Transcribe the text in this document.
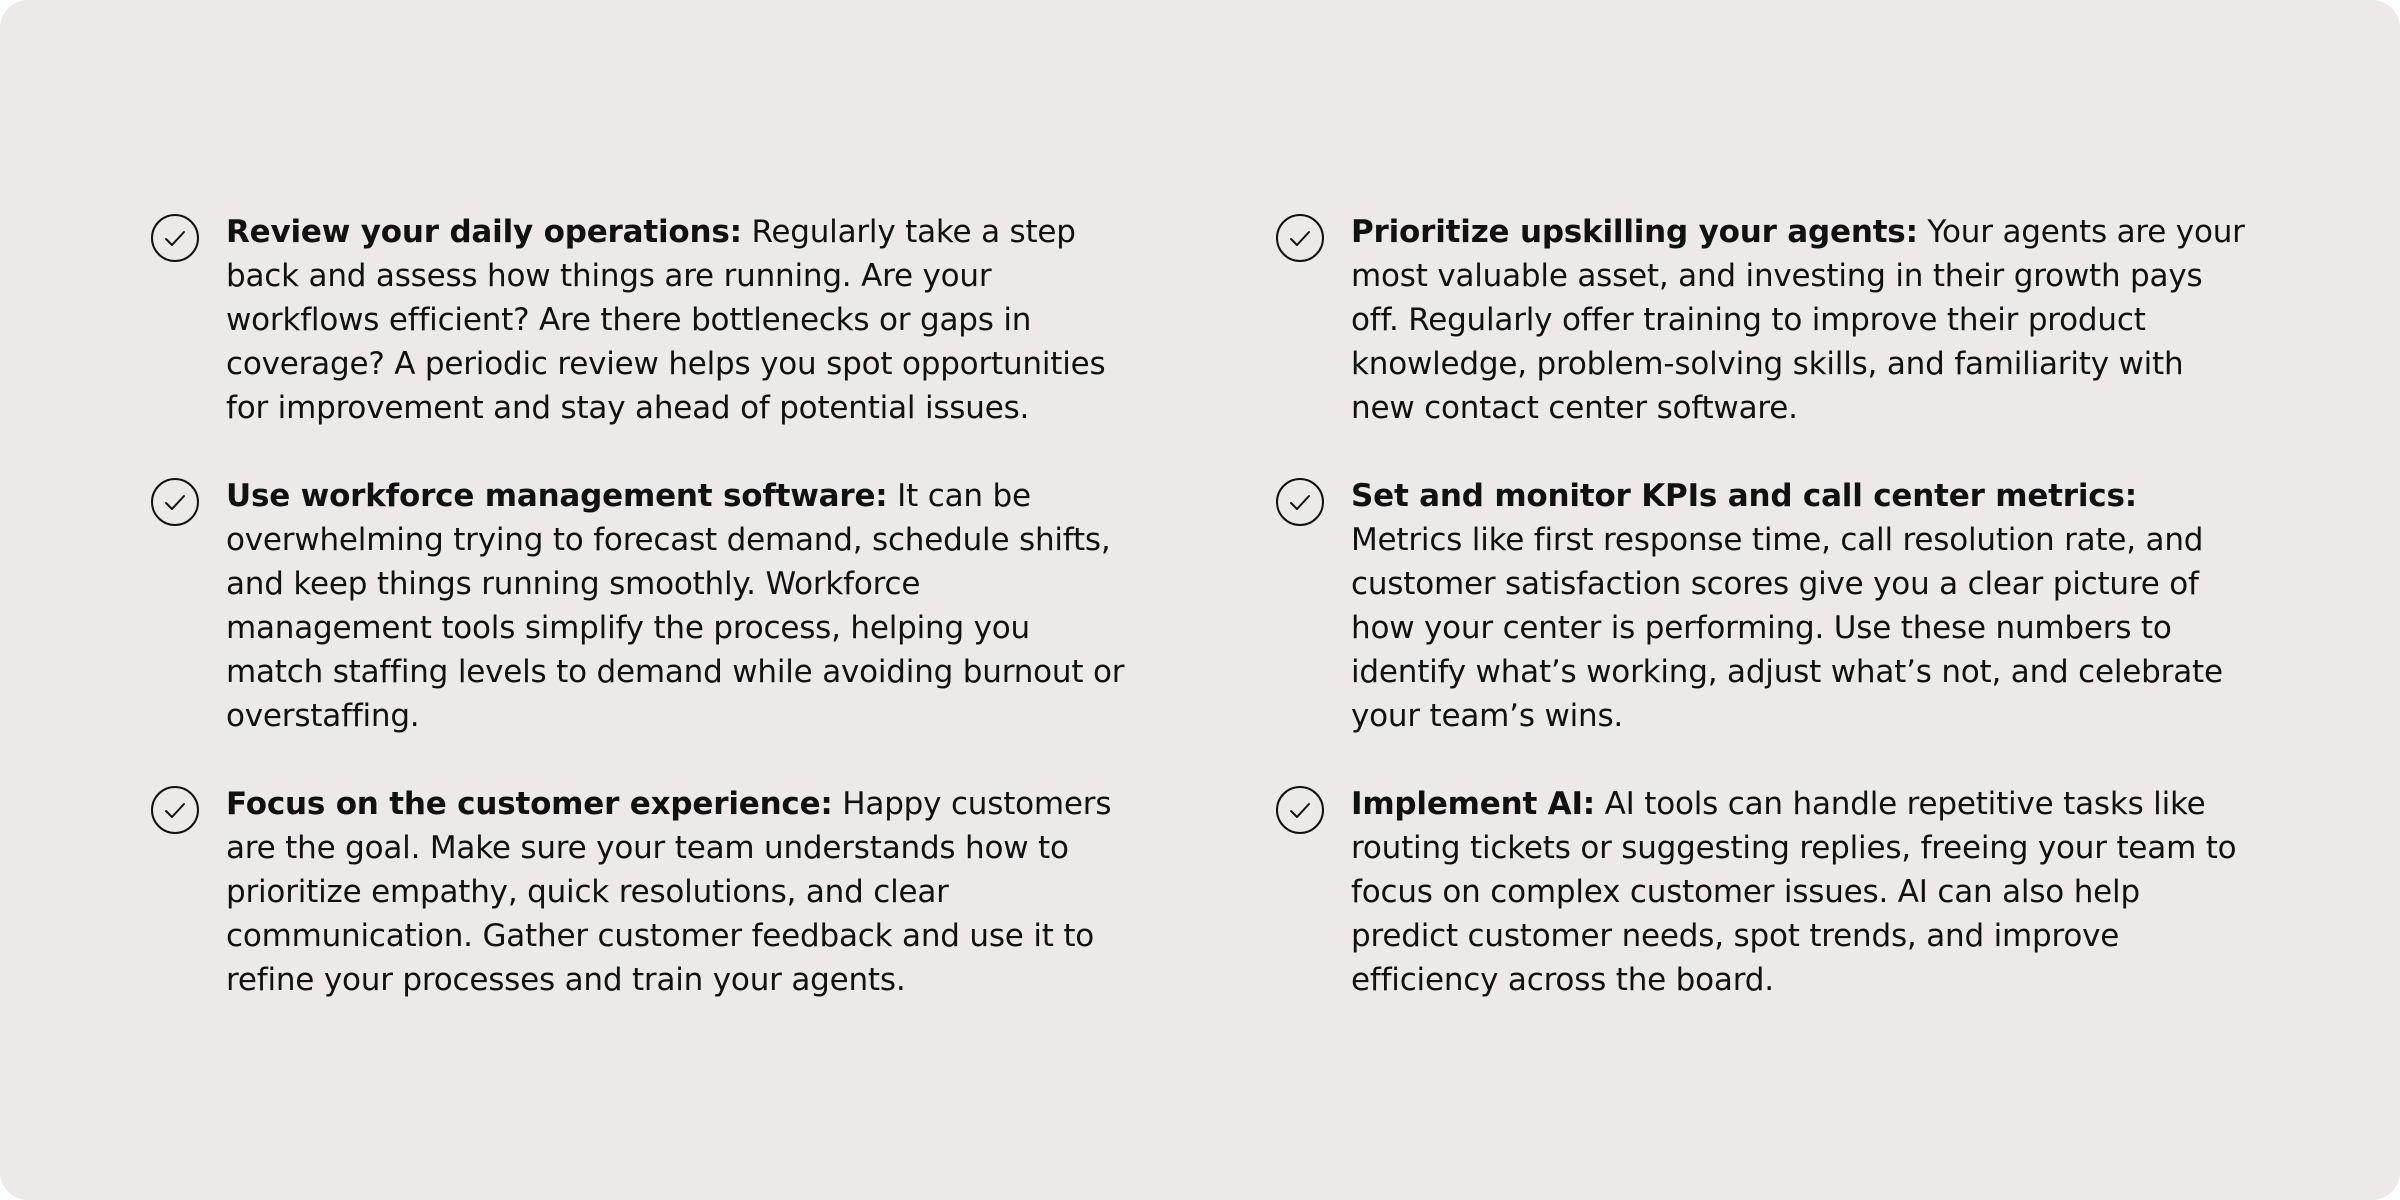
Review your daily operations: Regularly take a step back and assess how things are running. Are your workflows efficient? Are there bottlenecks or gaps in coverage? A periodic review helps you spot opportunities for improvement and stay ahead of potential issues.
Use workforce management software: It can be overwhelming trying to forecast demand, schedule shifts, and keep things running smoothly. Workforce management tools simplify the process, helping you match staffing levels to demand while avoiding burnout or overstaffing.
Focus on the customer experience: Happy customers are the goal. Make sure your team understands how to prioritize empathy, quick resolutions, and clear communication. Gather customer feedback and use it to refine your processes and train your agents.
Prioritize upskilling your agents: Your agents are your most valuable asset, and investing in their growth pays off. Regularly offer training to improve their product knowledge, problem-solving skills, and familiarity with new contact center software.
Set and monitor KPIs and call center metrics: Metrics like first response time, call resolution rate, and customer satisfaction scores give you a clear picture of how your center is performing. Use these numbers to identify what’s working, adjust what’s not, and celebrate your team’s wins.
Implement AI: AI tools can handle repetitive tasks like routing tickets or suggesting replies, freeing your team to focus on complex customer issues. AI can also help predict customer needs, spot trends, and improve efficiency across the board.
